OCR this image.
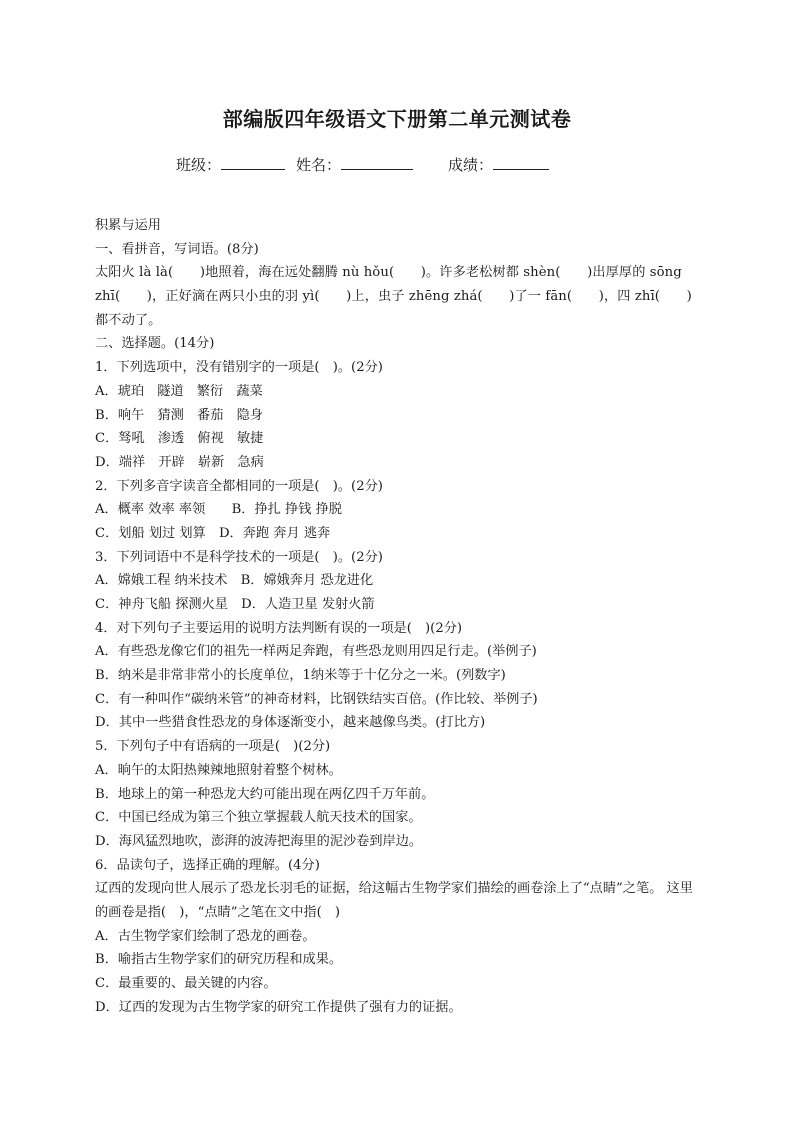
部编版四年级语文下册第二单元测试卷
班级：	姓名：	成绩：
积累与运用
一、看拼音，写词语。(8分)
太阳火 là là(　　)地照着，海在远处翻腾 nù hǒu(　　)。许多老松树都 shèn(　　)出厚厚的 sōng zhī(　　)，正好滴在两只小虫的羽 yì(　　)上，虫子 zhēng zhá(　　)了一 fān(　　)，四 zhī(　　)都不动了。
二、选择题。(14分)
1．下列选项中，没有错别字的一项是(　)。(2分)
A．琥珀　隧道　繁衍　蔬菜
B．响午　猜测　番茄　隐身
C．驽吼　渗透　俯视　敏捷
D．端祥　开辟　崭新　急病
2．下列多音字读音全都相同的一项是(　)。(2分)
A．概率 效率 率领　　B．挣扎 挣钱 挣脱
C．划船 划过 划算　D．奔跑 奔月 逃奔
3．下列词语中不是科学技术的一项是(　)。(2分)
A．嫦娥工程 纳米技术　B．嫦娥奔月 恐龙进化
C．神舟飞船 探测火星　D．人造卫星 发射火箭
4．对下列句子主要运用的说明方法判断有误的一项是(　)(2分)
A．有些恐龙像它们的祖先一样两足奔跑，有些恐龙则用四足行走。(举例子)
B．纳米是非常非常小的长度单位，1纳米等于十亿分之一米。(列数字)
C．有一种叫作“碳纳米管”的神奇材料，比钢铁结实百倍。(作比较、举例子)
D．其中一些猎食性恐龙的身体逐渐变小，越来越像鸟类。(打比方)
5．下列句子中有语病的一项是(　)(2分)
A．晌午的太阳热辣辣地照射着整个树林。
B．地球上的第一种恐龙大约可能出现在两亿四千万年前。
C．中国已经成为第三个独立掌握载人航天技术的国家。
D．海风猛烈地吹，澎湃的波涛把海里的泥沙卷到岸边。
6．品读句子，选择正确的理解。(4分)
辽西的发现向世人展示了恐龙长羽毛的证据，给这幅古生物学家们描绘的画卷涂上了“点睛”之笔。 这里的画卷是指(　)，“点睛”之笔在文中指(　)
A．古生物学家们绘制了恐龙的画卷。
B．喻指古生物学家们的研究历程和成果。
C．最重要的、最关键的内容。
D．辽西的发现为古生物学家的研究工作提供了强有力的证据。
